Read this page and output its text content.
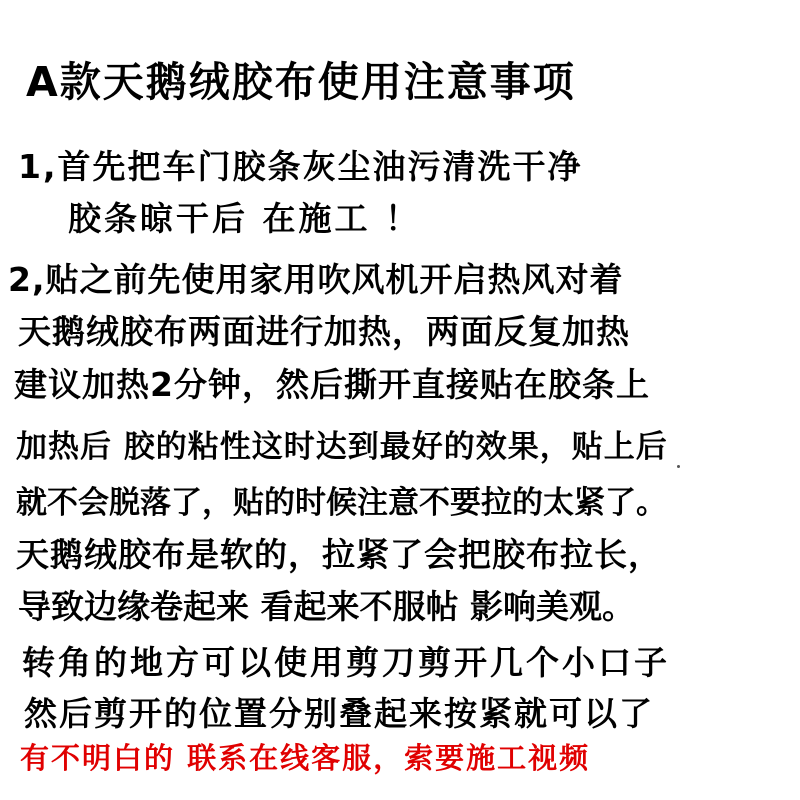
A款天鹅绒胶布使用注意事项
1,首先把车门胶条灰尘油污清洗干净
胶条晾干后 在施工 ！
2,贴之前先使用家用吹风机开启热风对着
天鹅绒胶布两面进行加热，两面反复加热
建议加热2分钟，然后撕开直接贴在胶条上
加热后 胶的粘性这时达到最好的效果，贴上后
就不会脱落了，贴的时候注意不要拉的太紧了。
天鹅绒胶布是软的，拉紧了会把胶布拉长，
导致边缘卷起来 看起来不服帖 影响美观。
转角的地方可以使用剪刀剪开几个小口子
然后剪开的位置分别叠起来按紧就可以了
有不明白的 联系在线客服，索要施工视频
